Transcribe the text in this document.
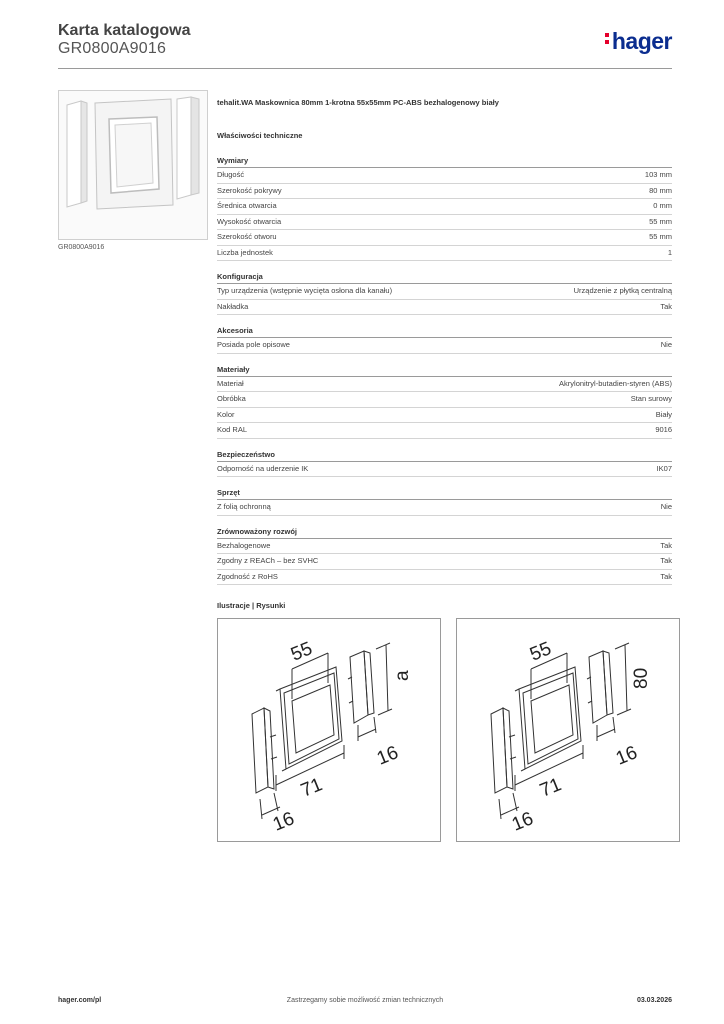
Karta katalogowa
GR0800A9016	hager
GR0800A9016
tehalit.WA Maskownica 80mm 1-krotna 55x55mm PC-ABS bezhalogenowy biały
Właściwości techniczne
Wymiary
Długość	103 mm
Szerokość pokrywy	80 mm
Średnica otwarcia	0 mm
Wysokość otwarcia	55 mm
Szerokość otworu	55 mm
Liczba jednostek	1
Konfiguracja
Typ urządzenia (wstępnie wycięta osłona dla kanału)	Urządzenie z płytką centralną
Nakładka	Tak
Akcesoria
Posiada pole opisowe	Nie
Materiały
Materiał	Akrylonitryl-butadien-styren (ABS)
Obróbka	Stan surowy
Kolor	Biały
Kod RAL	9016
Bezpieczeństwo
Odporność na uderzenie IK	IK07
Sprzęt
Z folią ochronną	Nie
Zrównoważony rozwój
Bezhalogenowe	Tak
Zgodny z REACh – bez SVHC	Tak
Zgodność z RoHS	Tak
Ilustracje | Rysunki
55
a
16
71
16
55
80
16
71
16
hager.com/pl	Zastrzegamy sobie możliwość zmian technicznych	03.03.2026
